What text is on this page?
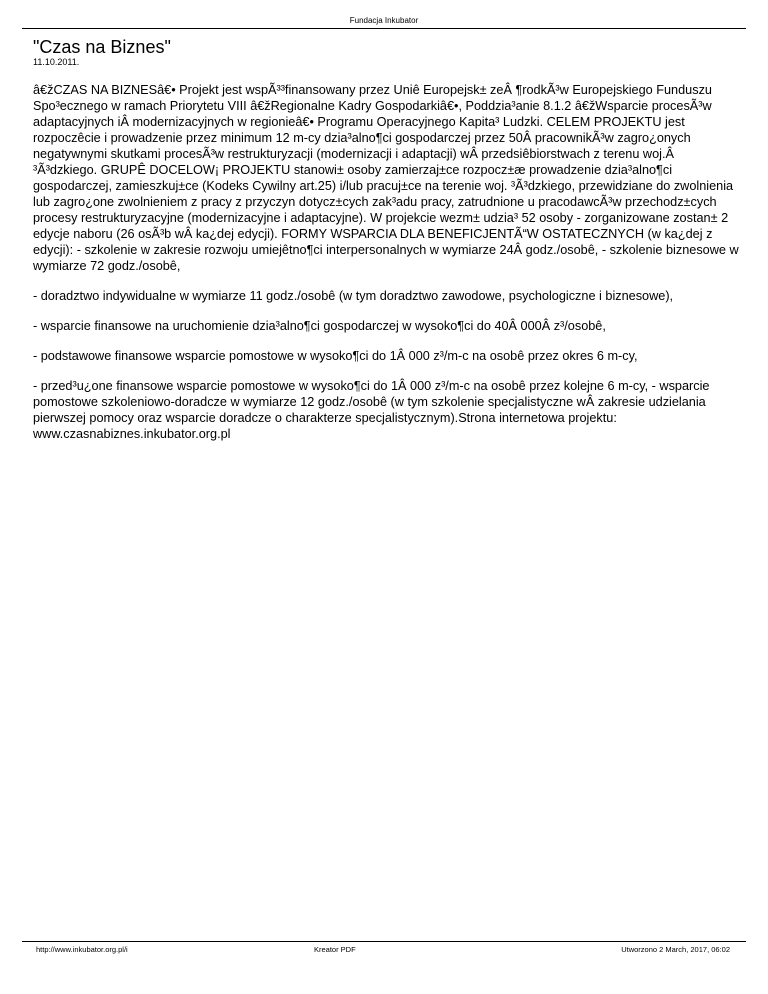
Fundacja Inkubator
"Czas na Biznes"
11.10.2011.

â€žCZAS NA BIZNESâ€• Projekt jest wspÃ³³finansowany przez Uniê Europejsk± zeÂ ¶rodkÃ³w Europejskiego Funduszu Spo³ecznego w ramach Priorytetu VIII â€žRegionalne Kadry Gospodarkiâ€•, Poddzia³anie 8.1.2 â€žWsparcie procesÃ³w adaptacyjnych iÂ modernizacyjnych w regionieâ€• Programu Operacyjnego Kapita³ Ludzki. CELEM PROJEKTU jest rozpoczêcie i prowadzenie przez minimum 12 m-cy dzia³alno¶ci gospodarczej przez 50Â pracownikÃ³w zagro¿onych negatywnymi skutkami procesÃ³w restrukturyzacji (modernizacji i adaptacji) wÂ przedsiêbiorstwach z terenu woj.Â ³Ã³dzkiego. GRUPÊ DOCELOW¡ PROJEKTU stanowi± osoby zamierzaj±ce rozpocz±æ prowadzenie dzia³alno¶ci gospodarczej, zamieszkuj±ce (Kodeks Cywilny art.25) i/lub pracuj±ce na terenie woj. ³Ã³dzkiego, przewidziane do zwolnienia lub zagro¿one zwolnieniem z pracy z przyczyn dotycz±cych zak³adu pracy, zatrudnione u pracodawcÃ³w przechodz±cych procesy restrukturyzacyjne (modernizacyjne i adaptacyjne). W projekcie wezm± udzia³ 52 osoby - zorganizowane zostan± 2 edycje naboru (26 osÃ³b wÂ ka¿dej edycji). FORMY WSPARCIA DLA BENEFICJENTÃ“W OSTATECZNYCH (w ka¿dej z edycji): - szkolenie w zakresie rozwoju umiejêtno¶ci interpersonalnych w wymiarze 24Â godz./osobê, - szkolenie biznesowe w wymiarze 72 godz./osobê,

- doradztwo indywidualne w wymiarze 11 godz./osobê (w tym doradztwo zawodowe, psychologiczne i biznesowe),

- wsparcie finansowe na uruchomienie dzia³alno¶ci gospodarczej w wysoko¶ci do 40Â 000Â z³/osobê,

- podstawowe finansowe wsparcie pomostowe w wysoko¶ci do 1Â 000 z³/m-c na osobê przez okres 6 m-cy,

- przed³u¿one finansowe wsparcie pomostowe w wysoko¶ci do 1Â 000 z³/m-c na osobê przez kolejne 6 m-cy, - wsparcie pomostowe szkoleniowo-doradcze w wymiarze 12 godz./osobê (w tym szkolenie specjalistyczne wÂ zakresie udzielania pierwszej pomocy oraz wsparcie doradcze o charakterze specjalistycznym).Strona internetowa projektu: www.czasnabiznes.inkubator.org.pl

http://www.inkubator.org.pl/i	Kreator PDF	Utworzono 2 March, 2017, 06:02
